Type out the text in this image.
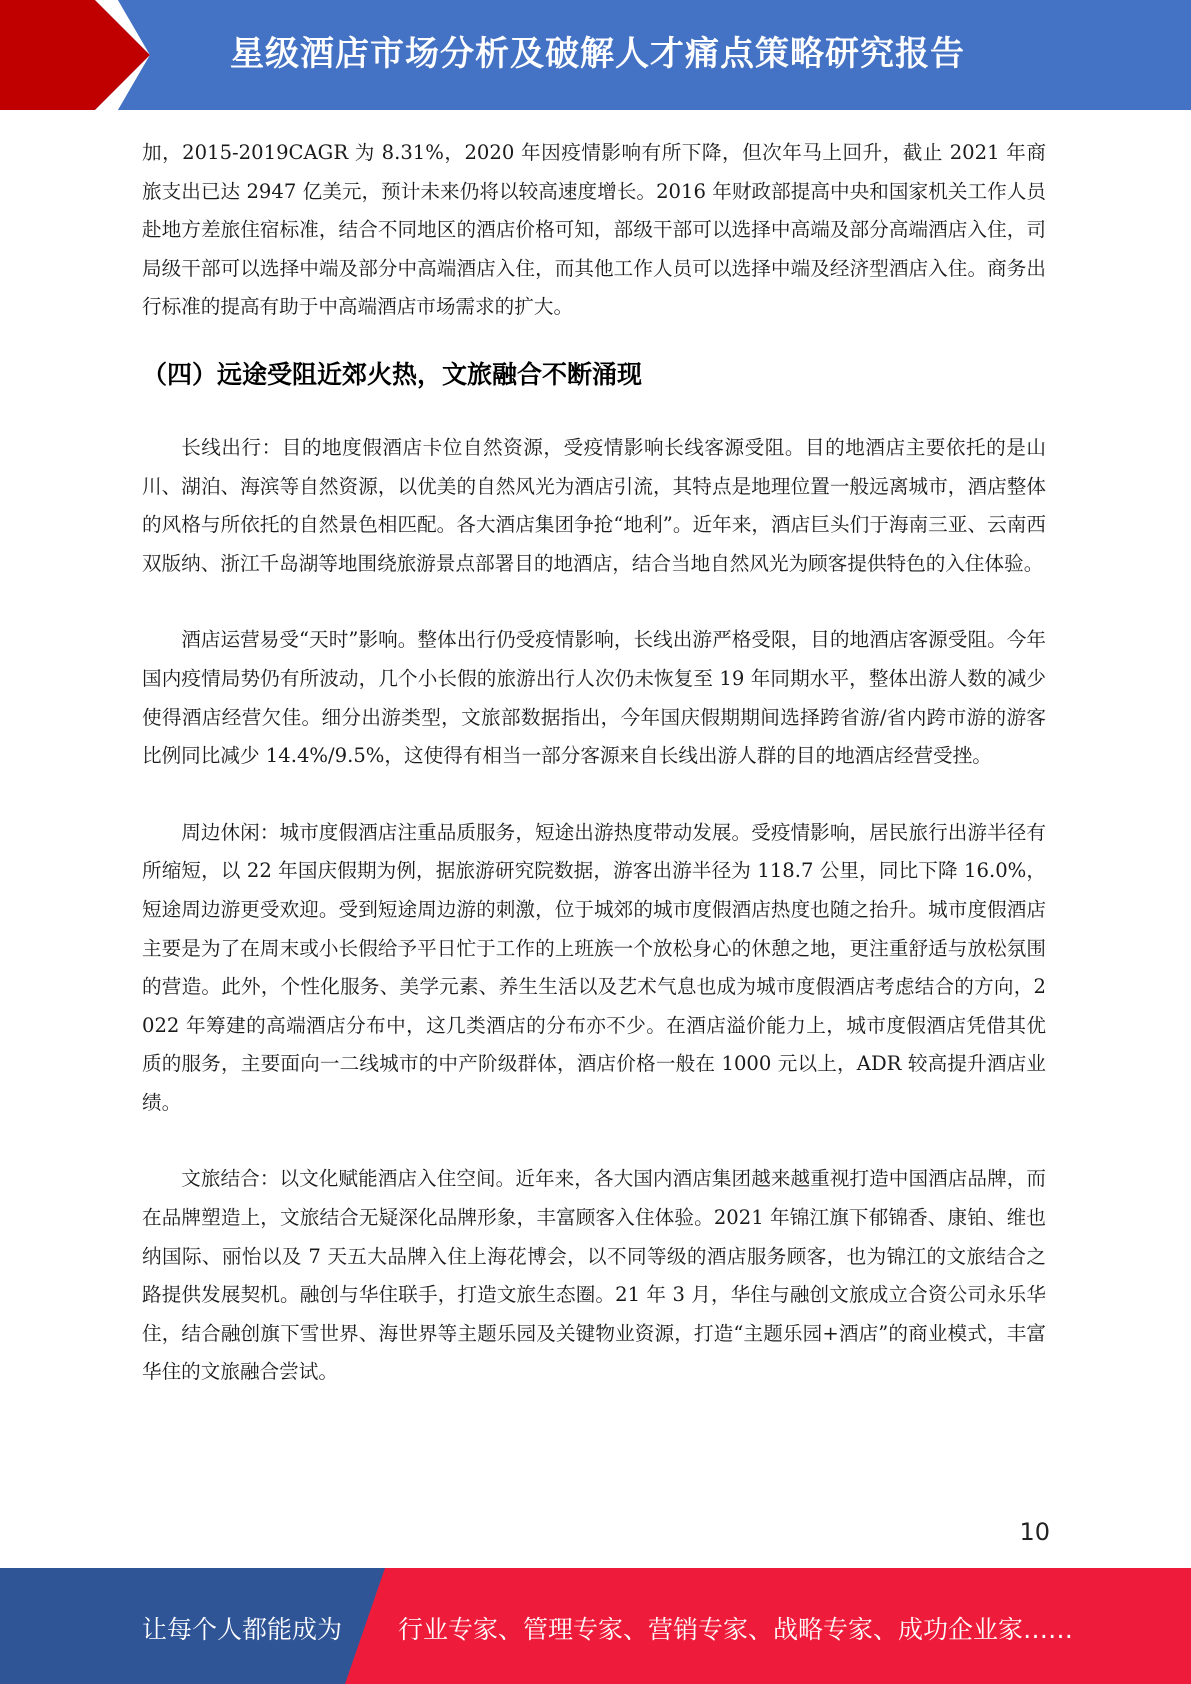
星级酒店市场分析及破解人才痛点策略研究报告

加，2015-2019CAGR 为 8.31%，2020 年因疫情影响有所下降，但次年马上回升，截止 2021 年商旅支出已达 2947 亿美元，预计未来仍将以较高速度增长。2016 年财政部提高中央和国家机关工作人员赴地方差旅住宿标准，结合不同地区的酒店价格可知，部级干部可以选择中高端及部分高端酒店入住，司局级干部可以选择中端及部分中高端酒店入住，而其他工作人员可以选择中端及经济型酒店入住。商务出行标准的提高有助于中高端酒店市场需求的扩大。

（四）远途受阻近郊火热，文旅融合不断涌现

长线出行：目的地度假酒店卡位自然资源，受疫情影响长线客源受阻。目的地酒店主要依托的是山川、湖泊、海滨等自然资源，以优美的自然风光为酒店引流，其特点是地理位置一般远离城市，酒店整体的风格与所依托的自然景色相匹配。各大酒店集团争抢“地利”。近年来，酒店巨头们于海南三亚、云南西双版纳、浙江千岛湖等地围绕旅游景点部署目的地酒店，结合当地自然风光为顾客提供特色的入住体验。

酒店运营易受“天时”影响。整体出行仍受疫情影响，长线出游严格受限，目的地酒店客源受阻。今年国内疫情局势仍有所波动，几个小长假的旅游出行人次仍未恢复至 19 年同期水平，整体出游人数的减少使得酒店经营欠佳。细分出游类型，文旅部数据指出，今年国庆假期期间选择跨省游/省内跨市游的游客比例同比减少 14.4%/9.5%，这使得有相当一部分客源来自长线出游人群的目的地酒店经营受挫。

周边休闲：城市度假酒店注重品质服务，短途出游热度带动发展。受疫情影响，居民旅行出游半径有所缩短，以 22 年国庆假期为例，据旅游研究院数据，游客出游半径为 118.7 公里，同比下降 16.0%，短途周边游更受欢迎。受到短途周边游的刺激，位于城郊的城市度假酒店热度也随之抬升。城市度假酒店主要是为了在周末或小长假给予平日忙于工作的上班族一个放松身心的休憩之地，更注重舒适与放松氛围的营造。此外，个性化服务、美学元素、养生生活以及艺术气息也成为城市度假酒店考虑结合的方向，2022 年筹建的高端酒店分布中，这几类酒店的分布亦不少。在酒店溢价能力上，城市度假酒店凭借其优质的服务，主要面向一二线城市的中产阶级群体，酒店价格一般在 1000 元以上，ADR 较高提升酒店业绩。

文旅结合：以文化赋能酒店入住空间。近年来，各大国内酒店集团越来越重视打造中国酒店品牌，而在品牌塑造上，文旅结合无疑深化品牌形象，丰富顾客入住体验。2021 年锦江旗下郁锦香、康铂、维也纳国际、丽怡以及 7 天五大品牌入住上海花博会，以不同等级的酒店服务顾客，也为锦江的文旅结合之路提供发展契机。融创与华住联手，打造文旅生态圈。21 年 3 月，华住与融创文旅成立合资公司永乐华住，结合融创旗下雪世界、海世界等主题乐园及关键物业资源，打造“主题乐园+酒店”的商业模式，丰富华住的文旅融合尝试。

10
让每个人都能成为 行业专家、管理专家、营销专家、战略专家、成功企业家……
